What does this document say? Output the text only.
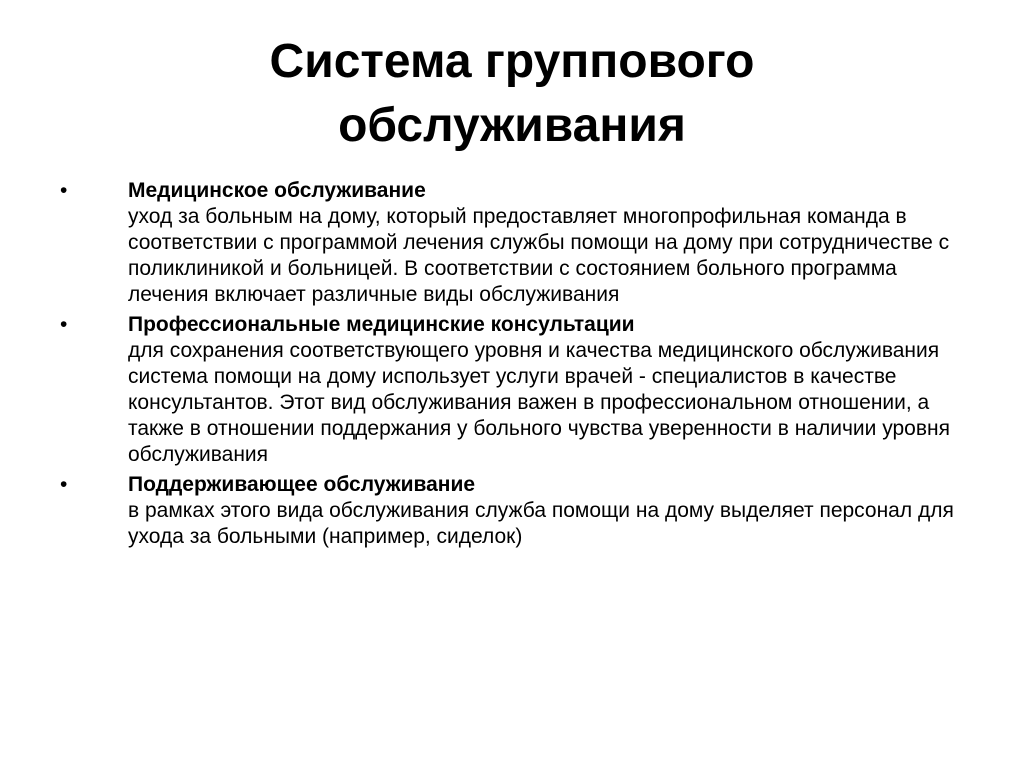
Система группового
обслуживания
•	Медицинское обслуживание
уход за больным на дому, который предоставляет многопрофильная команда в соответствии с программой лечения службы помощи на дому при сотрудничестве с поликлиникой и больницей. В соответствии с состоянием больного программа лечения включает различные виды обслуживания
•	Профессиональные медицинские консультации
для сохранения соответствующего уровня и качества медицинского обслуживания система помощи на дому использует услуги врачей - специалистов в качестве консультантов. Этот вид обслуживания важен в профессиональном отношении, а также в отношении поддержания у больного чувства уверенности в наличии уровня обслуживания
•	Поддерживающее обслуживание
в рамках этого вида обслуживания служба помощи на дому выделяет персонал для ухода за больными (например, сиделок)
